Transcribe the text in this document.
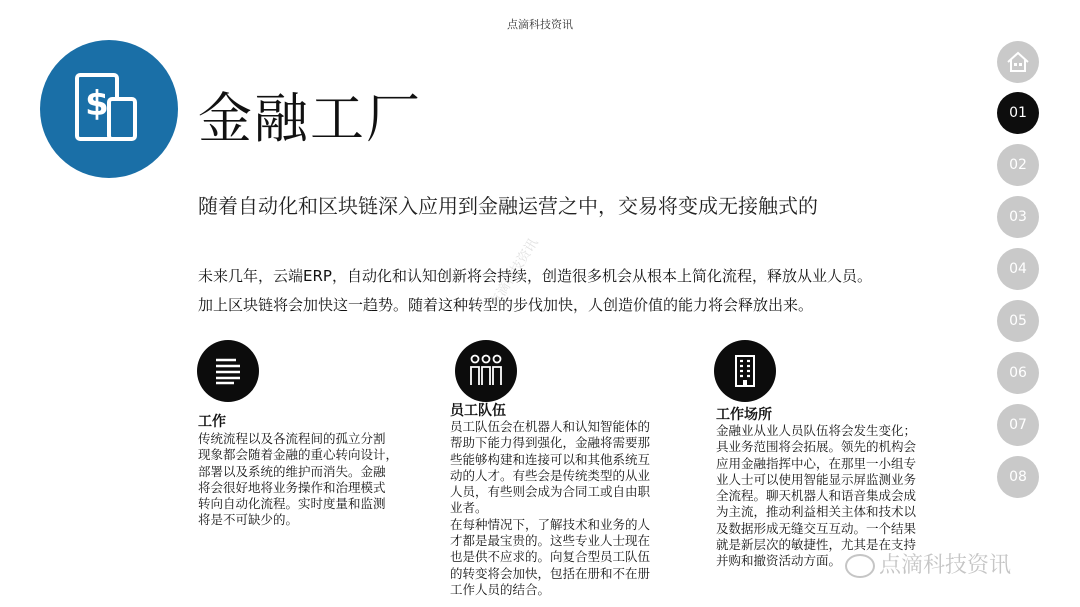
点滴科技资讯
$ 金融工厂
随着自动化和区块链深入应用到金融运营之中，交易将变成无接触式的
未来几年，云端ERP，自动化和认知创新将会持续，创造很多机会从根本上简化流程，释放从业人员。
加上区块链将会加快这一趋势。随着这种转型的步伐加快，人创造价值的能力将会释放出来。
工作
传统流程以及各流程间的孤立分割
现象都会随着金融的重心转向设计，
部署以及系统的维护而消失。金融
将会很好地将业务操作和治理模式
转向自动化流程。实时度量和监测
将是不可缺少的。
员工队伍
员工队伍会在机器人和认知智能体的
帮助下能力得到强化，金融将需要那
些能够构建和连接可以和其他系统互
动的人才。有些会是传统类型的从业
人员，有些则会成为合同工或自由职
业者。
在每种情况下，了解技术和业务的人
才都是最宝贵的。这些专业人士现在
也是供不应求的。向复合型员工队伍
的转变将会加快，包括在册和不在册
工作人员的结合。
工作场所
金融业从业人员队伍将会发生变化；
具业务范围将会拓展。领先的机构会
应用金融指挥中心，在那里一小组专
业人士可以使用智能显示屏监测业务
全流程。聊天机器人和语音集成会成
为主流，推动利益相关主体和技术以
及数据形成无缝交互互动。一个结果
就是新层次的敏捷性，尤其是在支持
并购和撤资活动方面。
01
02
03
04
05
06
07
08
点滴科技资讯
点滴科技资讯
